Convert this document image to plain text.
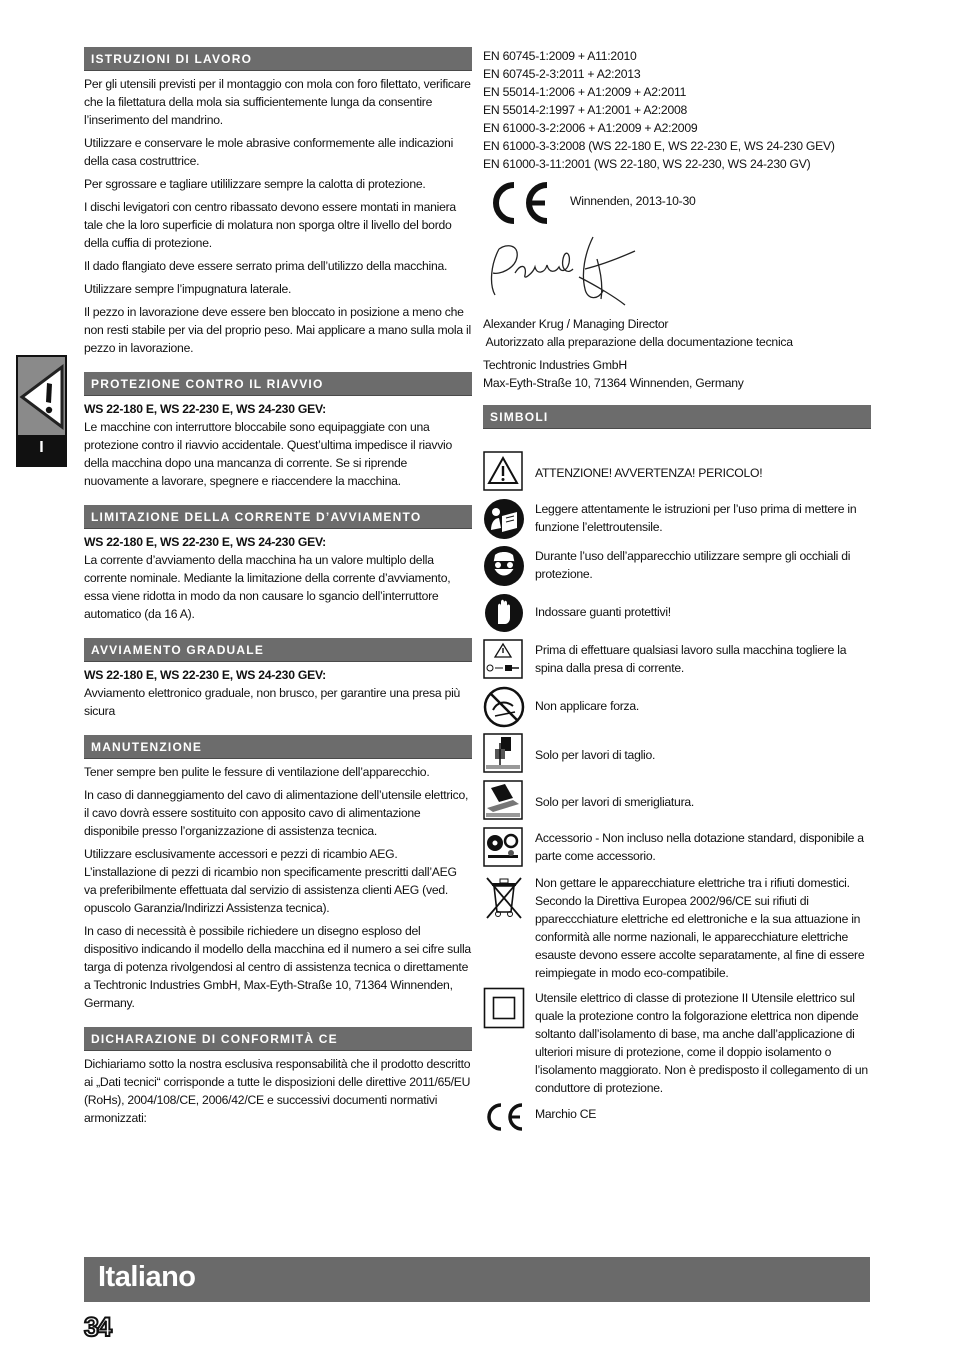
I
ISTRUZIONI DI LAVORO

Per gli utensili previsti per il montaggio con mola con foro filettato, verificare che la filettatura della mola sia sufficientemente lunga da consentire l’inserimento del mandrino.

Utilizzare e conservare le mole abrasive conformemente alle indicazioni della casa costruttrice.

Per sgrossare e tagliare utililizzare sempre la calotta di protezione.

I dischi levigatori con centro ribassato devono essere montati in maniera tale che la loro superficie di molatura non sporga oltre il livello del bordo della cuffia di protezione.

Il dado flangiato deve essere serrato prima dell’utilizzo della macchina.

Utilizzare sempre l’impugnatura laterale.

Il pezzo in lavorazione deve essere ben bloccato in posizione a meno che non resti stabile per via del proprio peso. Mai applicare a mano sulla mola il pezzo in lavorazione.

PROTEZIONE CONTRO IL RIAVVIO
WS 22-180 E, WS 22-230 E, WS 24-230 GEV:

Le macchine con interruttore bloccabile sono equipaggiate con una protezione contro il riavvio accidentale. Quest’ultima impedisce il riavvio della macchina dopo una mancanza di corrente. Se si riprende nuovamente a lavorare, spegnere e riaccendere la macchina.

LIMITAZIONE DELLA CORRENTE D’AVVIAMENTO
WS 22-180 E, WS 22-230 E, WS 24-230 GEV:

La corrente d’avviamento della macchina ha un valore multiplo della corrente nominale. Mediante la limitazione della corrente d’avviamento, essa viene ridotta in modo da non causare lo sgancio dell’interruttore automatico (da 16 A).

AVVIAMENTO GRADUALE
WS 22-180 E, WS 22-230 E, WS 24-230 GEV:

Avviamento elettronico graduale, non brusco, per garantire una presa più sicura

MANUTENZIONE

Tener sempre ben pulite le fessure di ventilazione dell’apparecchio.

In caso di danneggiamento del cavo di alimentazione dell’utensile elettrico, il cavo dovrà essere sostituito con apposito cavo di alimentazione disponibile presso l’organizzazione di assistenza tecnica.

Utilizzare esclusivamente accessori e pezzi di ricambio AEG. L’installazione di pezzi di ricambio non specificamente prescritti dall’AEG va preferibilmente effettuata dal servizio di assistenza clienti AEG (ved. opuscolo Garanzia/Indirizzi Assistenza tecnica).

In caso di necessità è possibile richiedere un disegno esploso del dispositivo indicando il modello della macchina ed il numero a sei cifre sulla targa di potenza rivolgendosi al centro di assistenza tecnica o direttamente a Techtronic Industries GmbH, Max-Eyth-Straße 10, 71364 Winnenden, Germany.

DICHARAZIONE DI CONFORMITÀ CE

Dichiariamo sotto la nostra esclusiva responsabilità che il prodotto descritto ai „Dati tecnici“ corrisponde a tutte le disposizioni delle direttive 2011/65/EU (RoHs), 2004/108/CE, 2006/42/CE e successivi documenti normativi armonizzati:

EN 60745-1:2009 + A11:2010
EN 60745-2-3:2011 + A2:2013
EN 55014-1:2006 + A1:2009 + A2:2011
EN 55014-2:1997 + A1:2001 + A2:2008
EN 61000-3-2:2006 + A1:2009 + A2:2009
EN 61000-3-3:2008 (WS 22-180 E, WS 22-230 E, WS 24-230 GEV)
EN 61000-3-11:2001 (WS 22-180, WS 22-230, WS 24-230 GV)
Winnenden, 2013-10-30
Alexander Krug / Managing Director

Autorizzato alla preparazione della documentazione tecnica

Techtronic Industries GmbH
Max-Eyth-Straße 10, 71364 Winnenden, Germany
SIMBOLI
ATTENZIONE! AVVERTENZA! PERICOLO!
Leggere attentamente le istruzioni per l’uso prima di mettere in funzione l’elettroutensile.
Durante l’uso dell’apparecchio utilizzare sempre gli occhiali di protezione.
Indossare guanti protettivi!
Prima di effettuare qualsiasi lavoro sulla macchina togliere la spina dalla presa di corrente.
Non applicare forza.
Solo per lavori di taglio.
Solo per lavori di smerigliatura.
Accessorio - Non incluso nella dotazione standard, disponibile a parte come accessorio.
Non gettare le apparecchiature elettriche tra i rifiuti domestici. Secondo la Direttiva Europea 2002/96/CE sui rifiuti di ppareccchiature elettriche ed elettroniche e la sua attuazione in conformità alle norme nazionali, le apparecchiature elettriche esauste devono essere accolte separatamente, al fine di essere reimpiegate in modo eco-compatibile.
Utensile elettrico di classe di protezione II Utensile elettrico sul quale la protezione contro la folgorazione elettrica non dipende soltanto dall’isolamento di base, ma anche dall’applicazione di ulteriori misure di protezione, come il doppio isolamento o l’isolamento maggiorato. Non è predisposto il collegamento di un conduttore di protezione.
Marchio CE
Italiano
34
